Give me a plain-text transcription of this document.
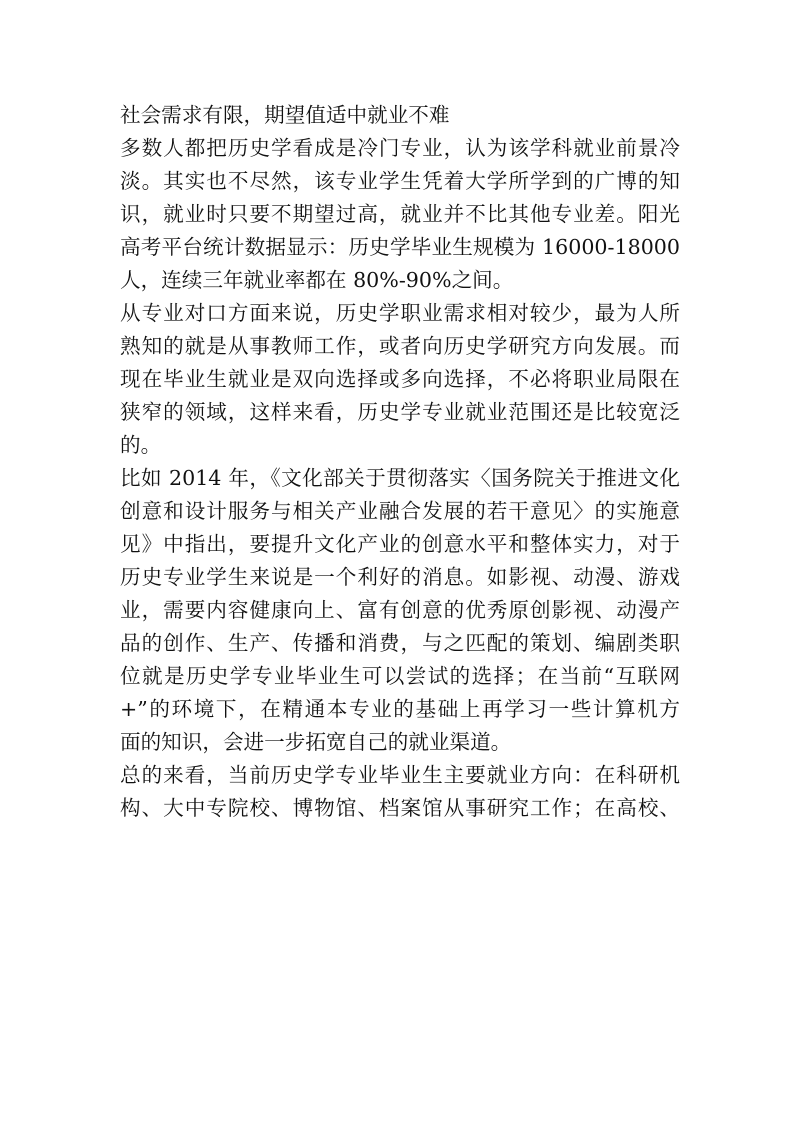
社会需求有限，期望值适中就业不难
多数人都把历史学看成是冷门专业，认为该学科就业前景冷
淡。其实也不尽然，该专业学生凭着大学所学到的广博的知
识，就业时只要不期望过高，就业并不比其他专业差。阳光
高考平台统计数据显示：历史学毕业生规模为 16000-18000
人，连续三年就业率都在 80%-90%之间。
从专业对口方面来说，历史学职业需求相对较少，最为人所
熟知的就是从事教师工作，或者向历史学研究方向发展。而
现在毕业生就业是双向选择或多向选择，不必将职业局限在
狭窄的领域，这样来看，历史学专业就业范围还是比较宽泛
的。
比如 2014 年，《文化部关于贯彻落实〈国务院关于推进文化
创意和设计服务与相关产业融合发展的若干意见〉的实施意
见》中指出，要提升文化产业的创意水平和整体实力，对于
历史专业学生来说是一个利好的消息。如影视、动漫、游戏
业，需要内容健康向上、富有创意的优秀原创影视、动漫产
品的创作、生产、传播和消费，与之匹配的策划、编剧类职
位就是历史学专业毕业生可以尝试的选择；在当前“互联网
+”的环境下，在精通本专业的基础上再学习一些计算机方
面的知识，会进一步拓宽自己的就业渠道。
总的来看，当前历史学专业毕业生主要就业方向：在科研机
构、大中专院校、博物馆、档案馆从事研究工作；在高校、
